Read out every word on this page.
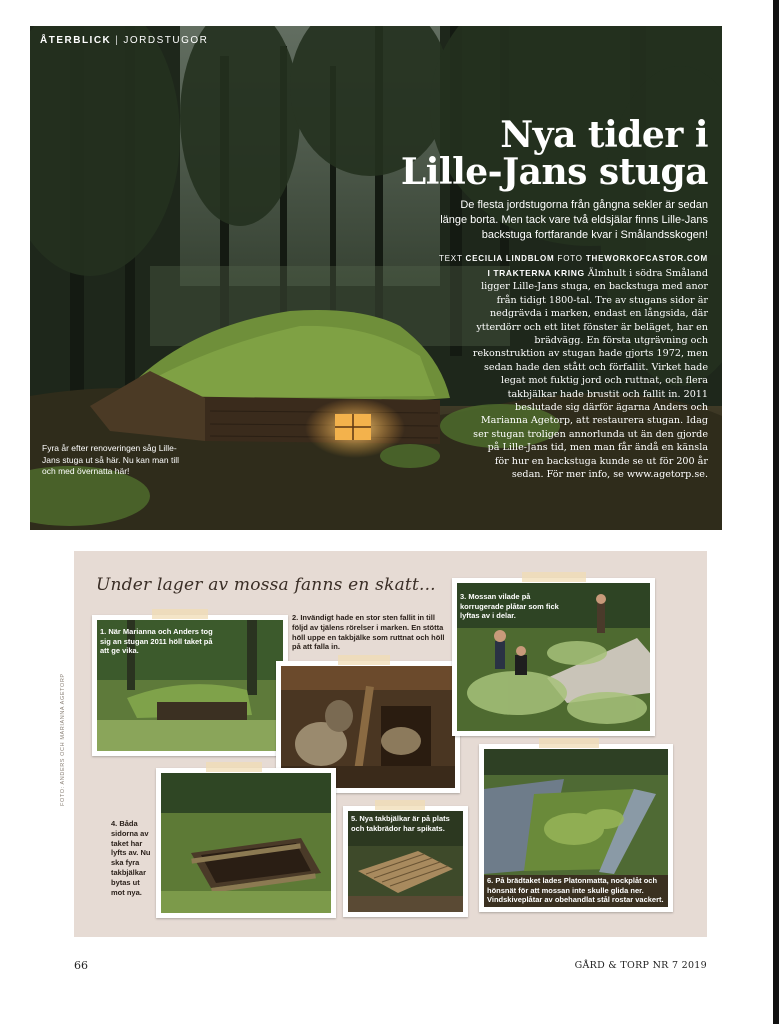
ÅTERBLICK | JORDSTUGOR
Nya tider i
Lille-Jans stuga
De flesta jordstugorna från gångna sekler är sedan länge borta. Men tack vare två eldsjälar finns Lille-Jans backstuga fortfarande kvar i Smålandsskogen!
TEXT CECILIA LINDBLOM FOTO THEWORKOFCASTOR.COM
I TRAKTERNA KRING Älmhult i södra Småland ligger Lille-Jans stuga, en backstuga med anor från tidigt 1800-tal. Tre av stugans sidor är nedgrävda i marken, endast en långsida, där ytterdörr och ett litet fönster är beläget, har en brädvägg. En första utgrävning och rekonstruktion av stugan hade gjorts 1972, men sedan hade den stått och förfallit. Virket hade legat mot fuktig jord och ruttnat, och flera takbjälkar hade brustit och fallit in. 2011 beslutade sig därför ägarna Anders och Marianna Agetorp, att restaurera stugan. Idag ser stugan troligen annorlunda ut än den gjorde på Lille-Jans tid, men man får ändå en känsla för hur en backstuga kunde se ut för 200 år sedan. För mer info, se www.agetorp.se.
Fyra år efter renoveringen såg Lille-Jans stuga ut så här. Nu kan man till och med övernatta här!
Under lager av mossa fanns en skatt...
1. När Marianna och Anders tog sig an stugan 2011 höll taket på att ge vika.
2. Invändigt hade en stor sten fallit in till följd av tjälens rörelser i marken. En stötta höll uppe en takbjälke som ruttnat och höll på att falla in.
3. Mossan vilade på korrugerade plåtar som fick lyftas av i delar.
4. Båda sidorna av taket har lyfts av. Nu ska fyra takbjälkar bytas ut mot nya.
5. Nya takbjälkar är på plats och takbrädor har spikats.
6. På brädtaket lades Platonmatta, nockplåt och hönsnät för att mossan inte skulle glida ner. Vindskiveplåtar av obehandlat stål rostar vackert.
FOTO: ANDERS OCH MARIANNA AGETORP
66	GÅRD & TORP NR 7 2019
